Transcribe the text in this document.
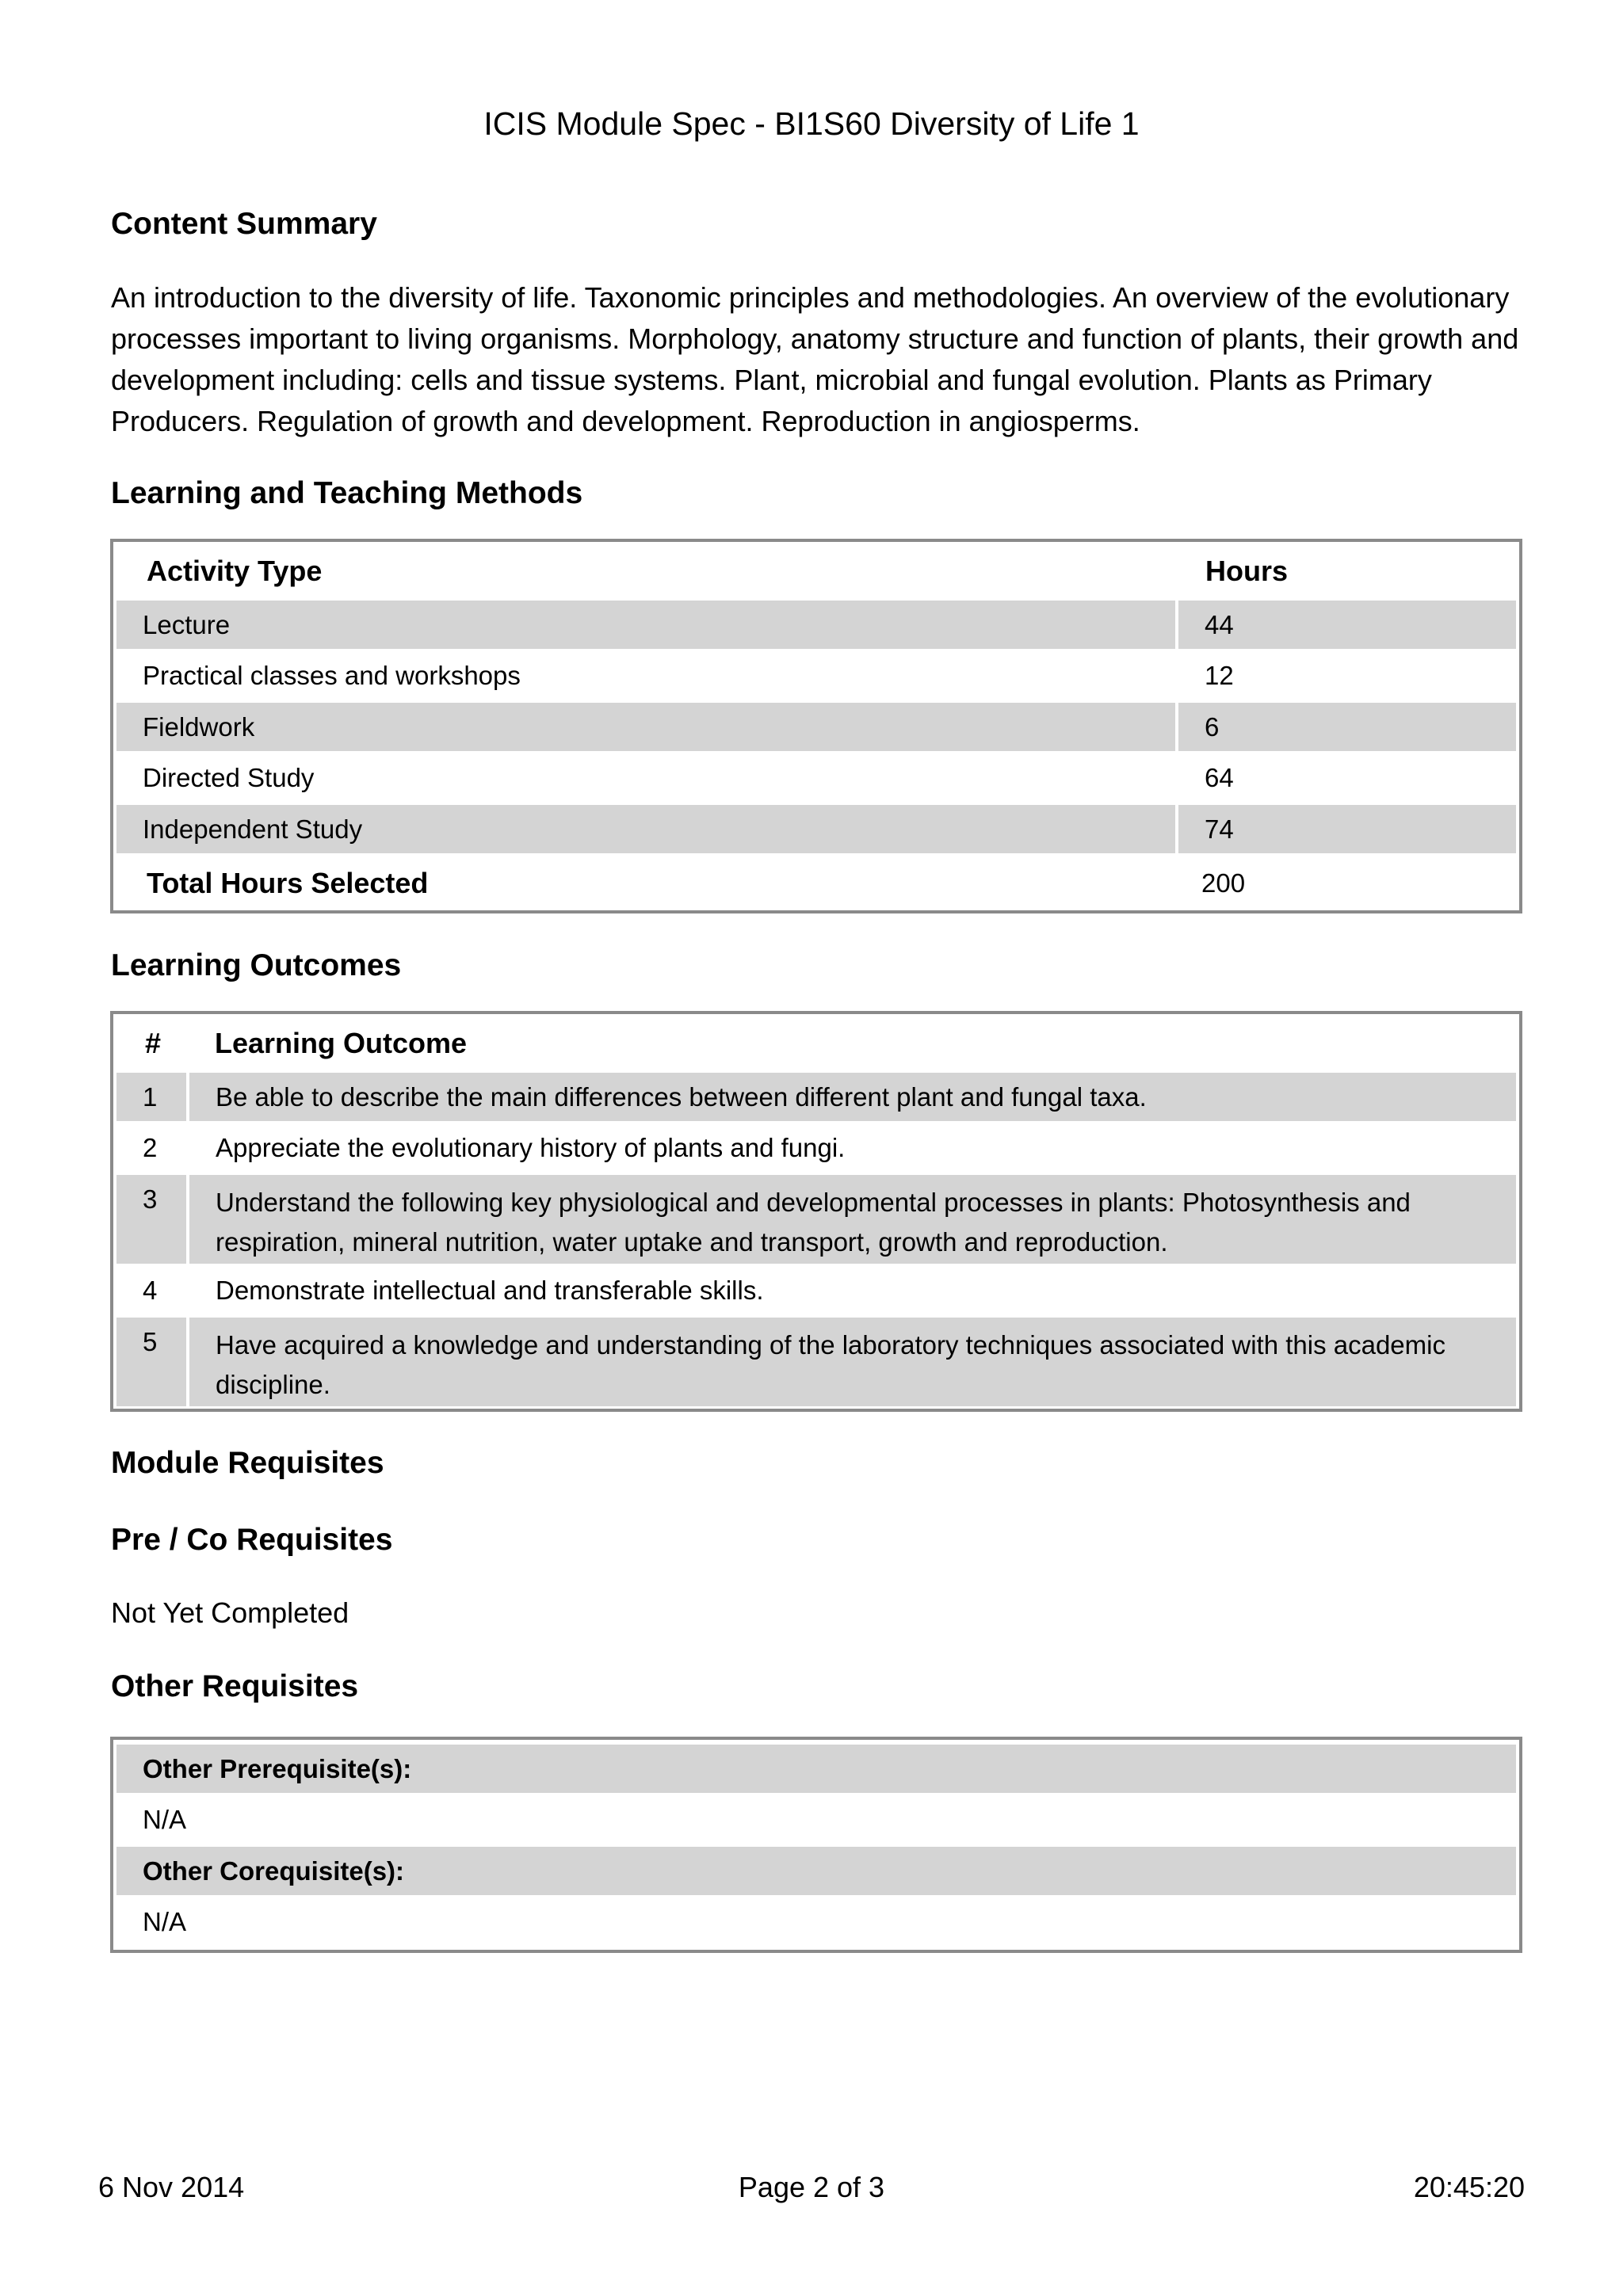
ICIS Module Spec - BI1S60 Diversity of Life 1
Content Summary
An introduction to the diversity of life. Taxonomic principles and methodologies. An overview of the evolutionary
processes important to living organisms. Morphology, anatomy structure and function of plants, their growth and
development including: cells and tissue systems. Plant, microbial and fungal evolution. Plants as Primary
Producers. Regulation of growth and development. Reproduction in angiosperms.
Learning and Teaching Methods
Activity Type	Hours
Lecture	44
Practical classes and workshops	12
Fieldwork	6
Directed Study	64
Independent Study	74
Total Hours Selected	200
Learning Outcomes
#	Learning Outcome
1	Be able to describe the main differences between different plant and fungal taxa.
2	Appreciate the evolutionary history of plants and fungi.
3	Understand the following key physiological and developmental processes in plants: Photosynthesis and
respiration, mineral nutrition, water uptake and transport, growth and reproduction.
4	Demonstrate intellectual and transferable skills.
5	Have acquired a knowledge and understanding of the laboratory techniques associated with this academic
discipline.
Module Requisites
Pre / Co Requisites
Not Yet Completed
Other Requisites
Other Prerequisite(s):
N/A
Other Corequisite(s):
N/A
6 Nov 2014	Page 2 of 3	20:45:20
